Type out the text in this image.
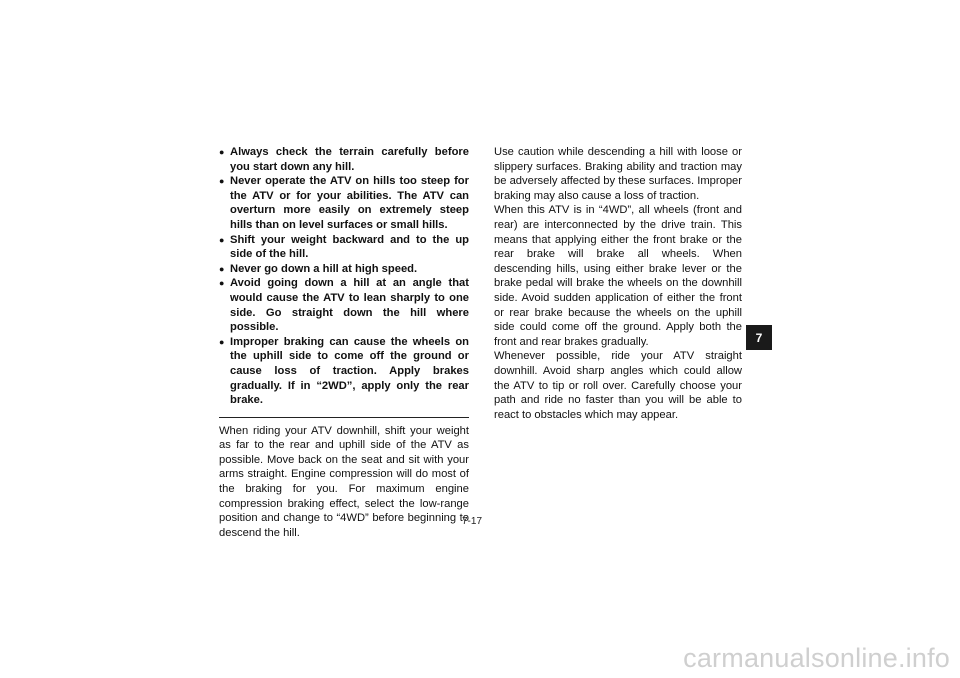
● Always check the terrain carefully before you start down any hill.
● Never operate the ATV on hills too steep for the ATV or for your abilities. The ATV can overturn more easily on extremely steep hills than on level surfaces or small hills.
● Shift your weight backward and to the up side of the hill.
● Never go down a hill at high speed.
● Avoid going down a hill at an angle that would cause the ATV to lean sharply to one side. Go straight down the hill where possible.
● Improper braking can cause the wheels on the uphill side to come off the ground or cause loss of traction. Apply brakes gradually. If in “2WD”, apply only the rear brake.

When riding your ATV downhill, shift your weight as far to the rear and uphill side of the ATV as possible. Move back on the seat and sit with your arms straight. Engine compression will do most of the braking for you. For maximum engine compression braking effect, select the low-range position and change to “4WD” before beginning to descend the hill.

Use caution while descending a hill with loose or slippery surfaces. Braking ability and traction may be adversely affected by these surfaces. Improper braking may also cause a loss of traction.

When this ATV is in “4WD”, all wheels (front and rear) are interconnected by the drive train. This means that applying either the front brake or the rear brake will brake all wheels. When descending hills, using either brake lever or the brake pedal will brake the wheels on the downhill side. Avoid sudden application of either the front or rear brake because the wheels on the uphill side could come off the ground. Apply both the front and rear brakes gradually.

Whenever possible, ride your ATV straight downhill. Avoid sharp angles which could allow the ATV to tip or roll over. Carefully choose your path and ride no faster than you will be able to react to obstacles which may appear.

7
7-17
carmanualsonline.info
